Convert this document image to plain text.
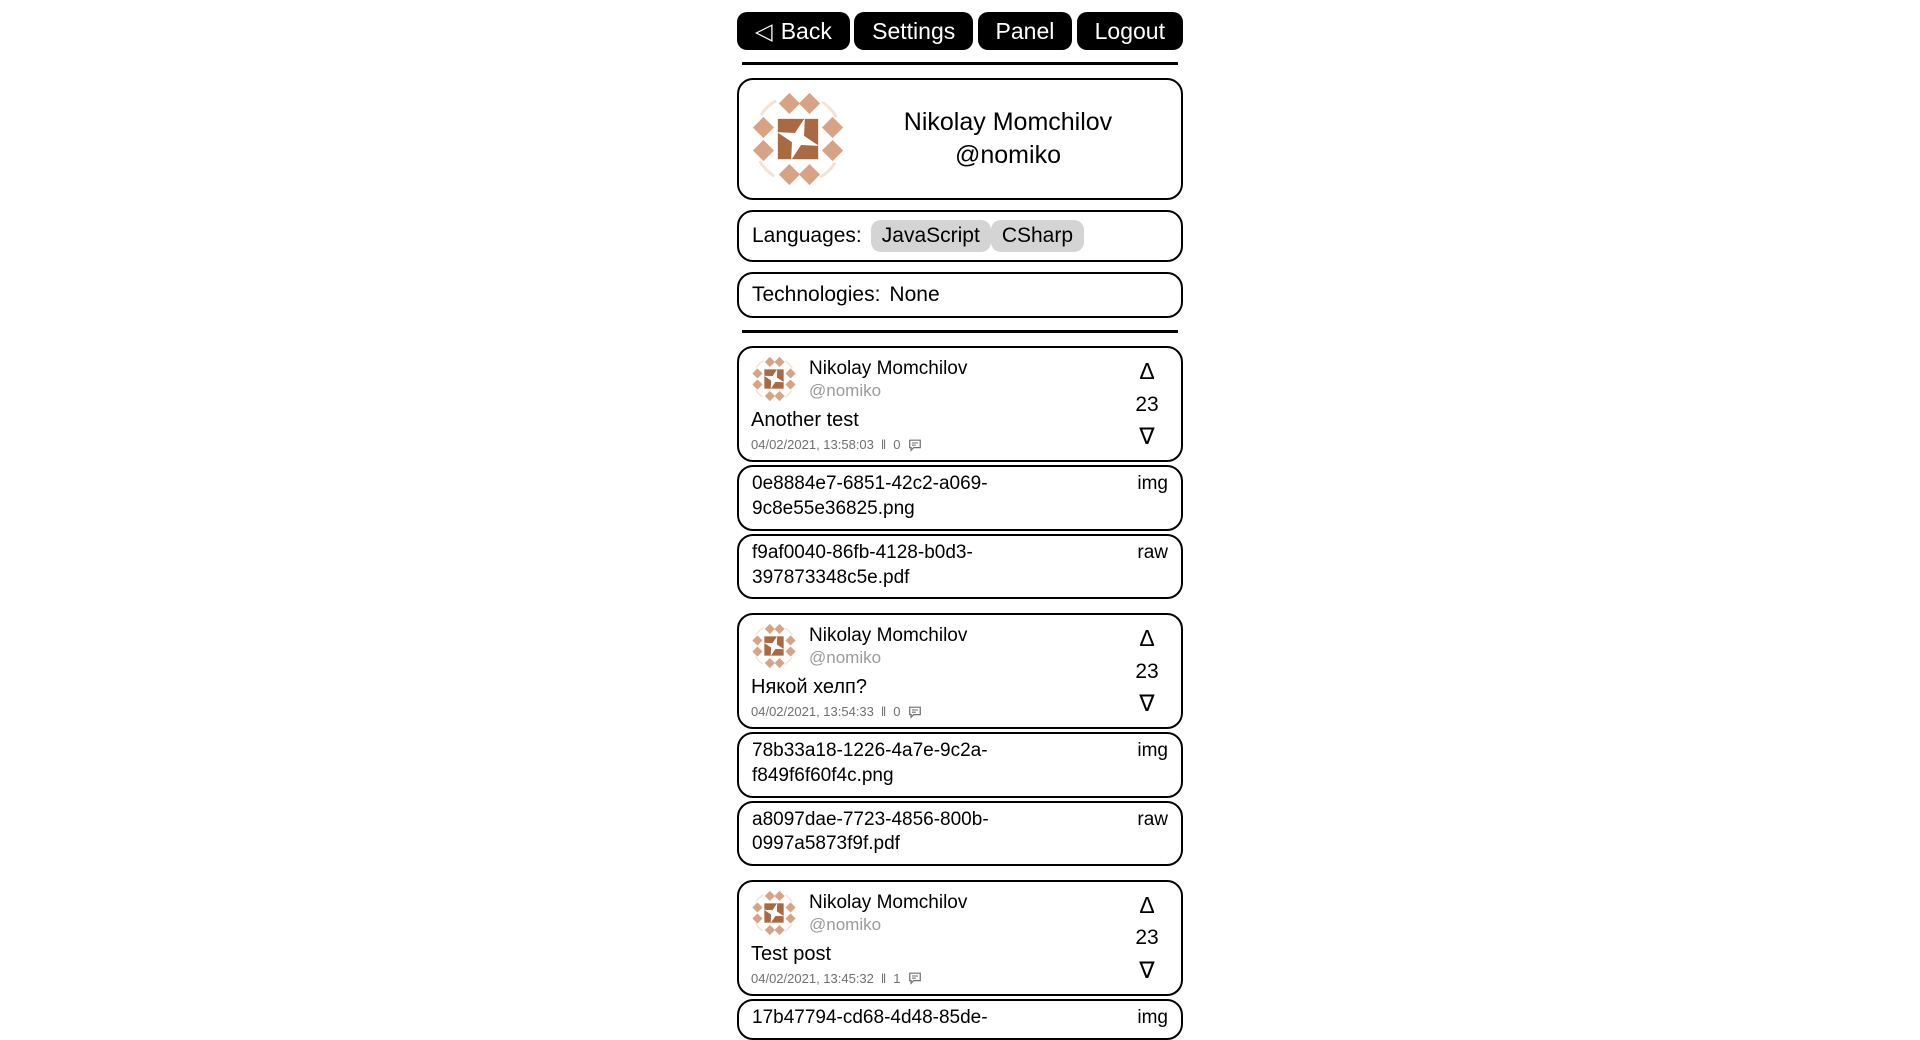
◁ Back	Settings	Panel	Logout
Nikolay Momchilov
@nomiko
Languages: JavaScript CSharp
Technologies: None
Nikolay Momchilov
@nomiko
Another test
04/02/2021, 13:58:03 ‖ 0
Δ
23
∇
0e8884e7-6851-42c2-a069-9c8e55e36825.png
img
f9af0040-86fb-4128-b0d3-397873348c5e.pdf
raw
Nikolay Momchilov
@nomiko
Някой хелп?
04/02/2021, 13:54:33 ‖ 0
Δ
23
∇
78b33a18-1226-4a7e-9c2a-f849f6f60f4c.png
img
a8097dae-7723-4856-800b-0997a5873f9f.pdf
raw
Nikolay Momchilov
@nomiko
Test post
04/02/2021, 13:45:32 ‖ 1
Δ
23
∇
17b47794-cd68-4d48-85de-	img
